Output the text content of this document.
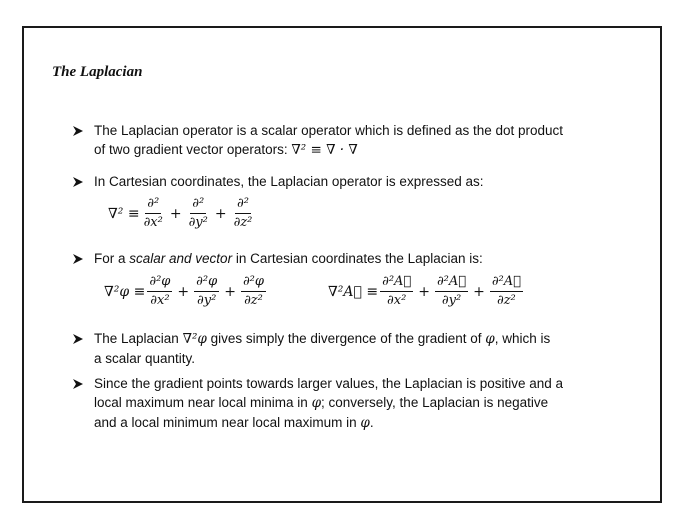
The Laplacian
The Laplacian operator is a scalar operator which is defined as the dot product
of two gradient vector operators: ∇² ≡ ∇ · ∇
In Cartesian coordinates, the Laplacian operator is expressed as:
$\nabla^2 \equiv \frac{\text{∂²}}{\text{∂x²}} + \frac{\text{∂²}}{\text{∂y²}} + \frac{\text{∂²}}{\text{∂z²}}$
For a scalar and vector in Cartesian coordinates the Laplacian is:
$\nabla^2\varphi \equiv \frac{\text{∂²φ}}{\text{∂x²}} + \frac{\text{∂²φ}}{\text{∂y²}} + \frac{\text{∂²φ}}{\text{∂z²}}$	∇²A⃗ ≡ $\frac{\text{∂²A⃗}}{\text{∂x²}} + \frac{\text{∂²A⃗}}{\text{∂y²}} + \frac{\text{∂²A⃗}}{\text{∂z²}}$
The Laplacian ∇²φ gives simply the divergence of the gradient of φ, which is
a scalar quantity.
Since the gradient points towards larger values, the Laplacian is positive and a
local maximum near local minima in φ; conversely, the Laplacian is negative
and a local minimum near local maximum in φ.
